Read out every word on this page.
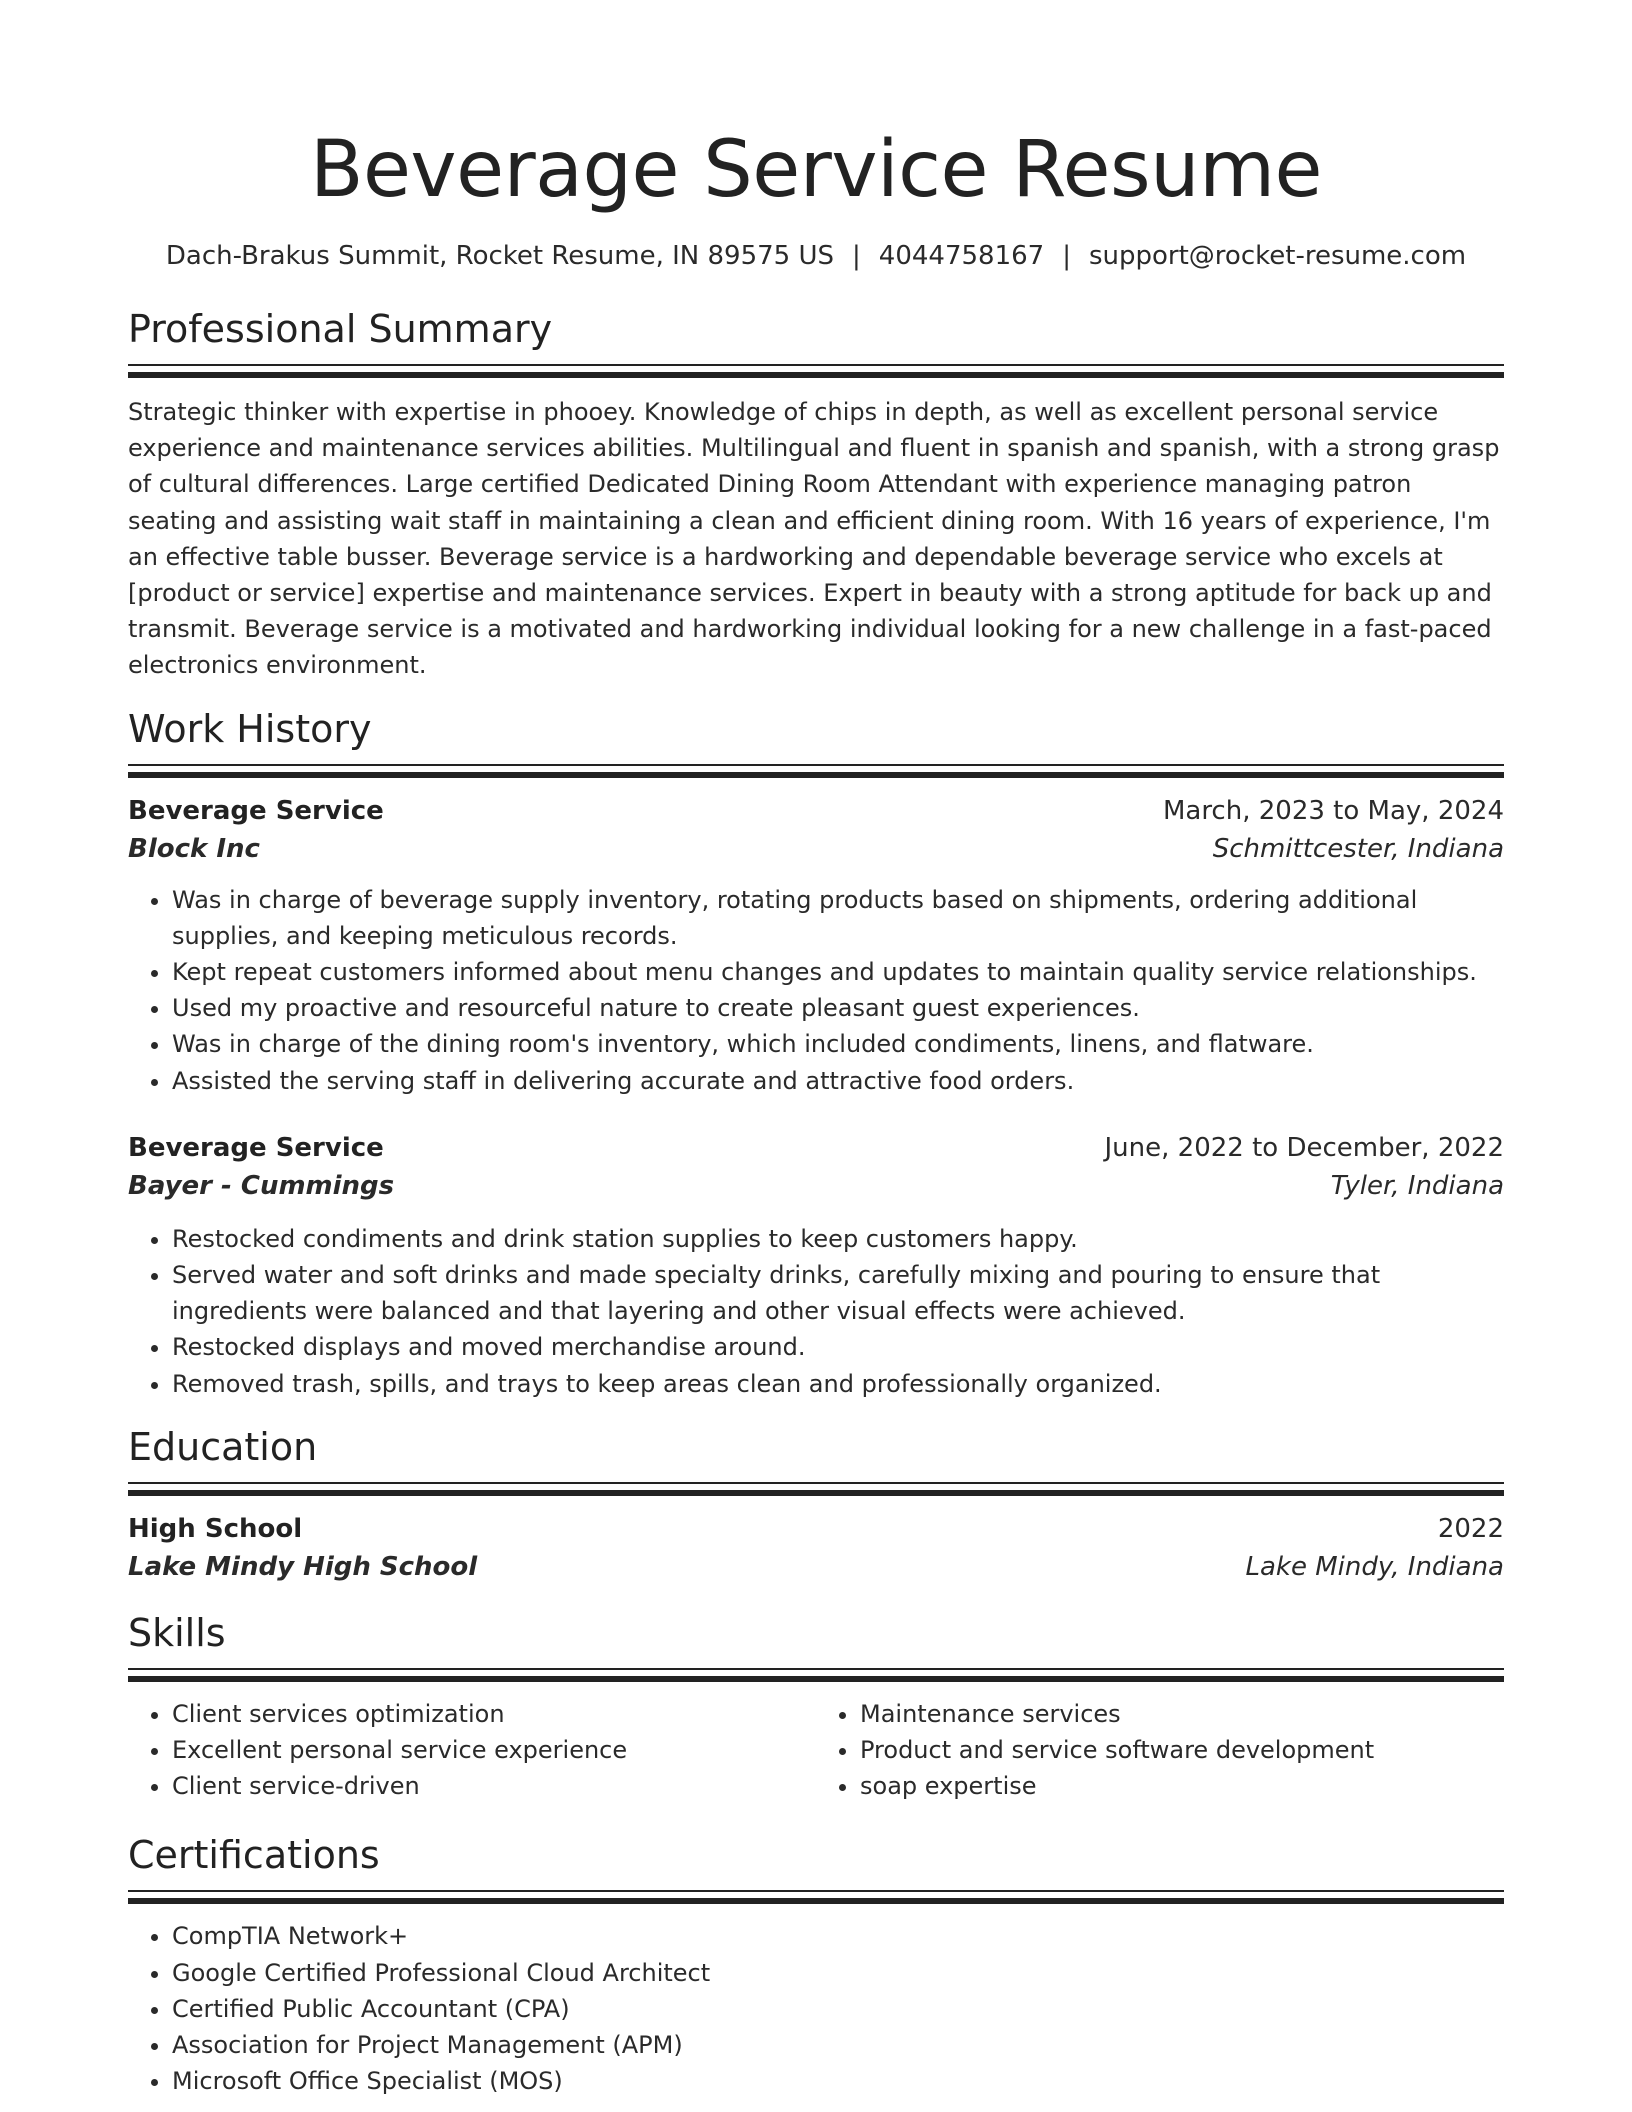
Beverage Service Resume
Dach-Brakus Summit, Rocket Resume, IN 89575 US | 4044758167 | support@rocket-resume.com
Professional Summary
Strategic thinker with expertise in phooey. Knowledge of chips in depth, as well as excellent personal service experience and maintenance services abilities. Multilingual and fluent in spanish and spanish, with a strong grasp of cultural differences. Large certified Dedicated Dining Room Attendant with experience managing patron seating and assisting wait staff in maintaining a clean and efficient dining room. With 16 years of experience, I'm an effective table busser. Beverage service is a hardworking and dependable beverage service who excels at [product or service] expertise and maintenance services. Expert in beauty with a strong aptitude for back up and transmit. Beverage service is a motivated and hardworking individual looking for a new challenge in a fast-paced electronics environment.
Work History
Beverage Service	March, 2023 to May, 2024
Block Inc	Schmittcester, Indiana
• Was in charge of beverage supply inventory, rotating products based on shipments, ordering additional supplies, and keeping meticulous records.
• Kept repeat customers informed about menu changes and updates to maintain quality service relationships.
• Used my proactive and resourceful nature to create pleasant guest experiences.
• Was in charge of the dining room's inventory, which included condiments, linens, and flatware.
• Assisted the serving staff in delivering accurate and attractive food orders.
Beverage Service	June, 2022 to December, 2022
Bayer - Cummings	Tyler, Indiana
• Restocked condiments and drink station supplies to keep customers happy.
• Served water and soft drinks and made specialty drinks, carefully mixing and pouring to ensure that ingredients were balanced and that layering and other visual effects were achieved.
• Restocked displays and moved merchandise around.
• Removed trash, spills, and trays to keep areas clean and professionally organized.
Education
High School	2022
Lake Mindy High School	Lake Mindy, Indiana
Skills
• Client services optimization
• Excellent personal service experience
• Client service-driven
• Maintenance services
• Product and service software development
• soap expertise
Certifications
• CompTIA Network+
• Google Certified Professional Cloud Architect
• Certified Public Accountant (CPA)
• Association for Project Management (APM)
• Microsoft Office Specialist (MOS)
